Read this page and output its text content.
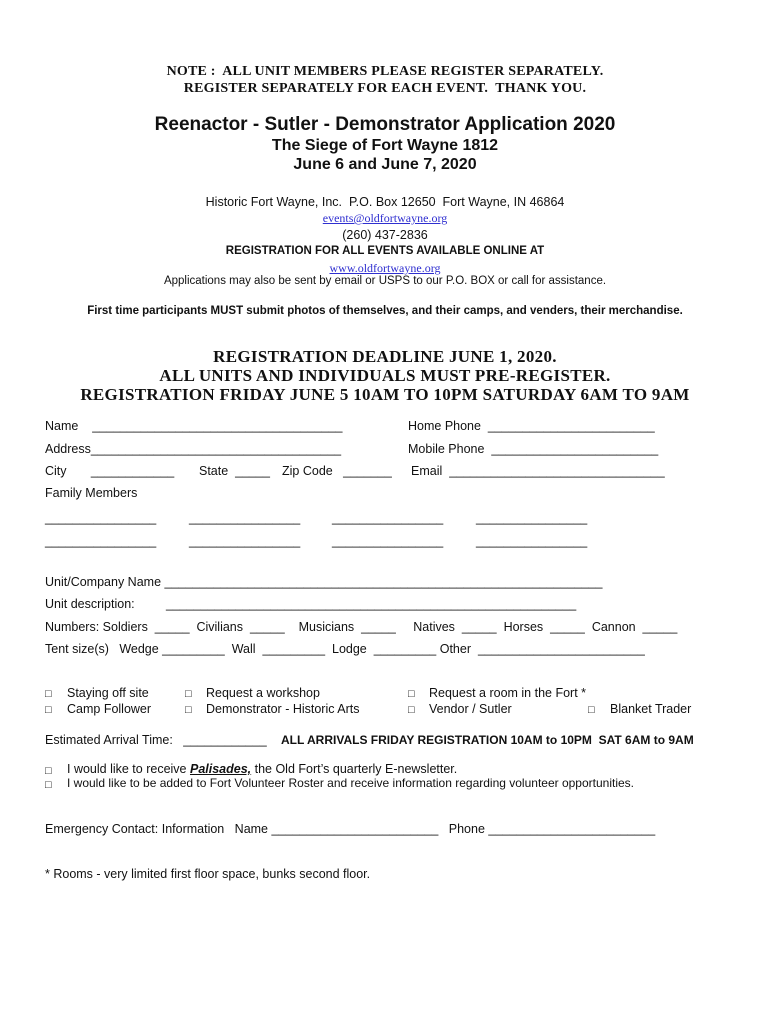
NOTE :  ALL UNIT MEMBERS PLEASE REGISTER SEPARATELY.
REGISTER SEPARATELY FOR EACH EVENT.  THANK YOU.
Reenactor - Sutler - Demonstrator Application 2020
The Siege of Fort Wayne 1812
June 6 and June 7, 2020
Historic Fort Wayne, Inc.  P.O. Box 12650  Fort Wayne, IN 46864
events@oldfortwayne.org
(260) 437-2836
REGISTRATION FOR ALL EVENTS AVAILABLE ONLINE AT
www.oldfortwayne.org
Applications may also be sent by email or USPS to our P.O. BOX or call for assistance.
First time participants MUST submit photos of themselves, and their camps, and venders, their merchandise.
REGISTRATION DEADLINE JUNE 1, 2020.
ALL UNITS AND INDIVIDUALS MUST PRE-REGISTER.
REGISTRATION FRIDAY JUNE 5 10AM TO 10PM SATURDAY 6AM TO 9AM
Name    ____________________________________	Home Phone  ________________________
Address____________________________________	Mobile Phone  ________________________
City       ____________ State  _____ Zip Code   _______ Email  _______________________________
Family Members
________________	________________	________________	________________
________________	________________	________________	________________
Unit/Company Name _______________________________________________________________
Unit description:	___________________________________________________________
Numbers: Soldiers  _____  Civilians  _____    Musicians  _____     Natives  _____  Horses  _____  Cannon  _____
Tent size(s)   Wedge _________  Wall  _________  Lodge  _________ Other  ________________________
□ Staying off site	□ Request a workshop	□ Request a room in the Fort *
□ Camp Follower	□ Demonstrator - Historic Arts	□ Vendor / Sutler	□ Blanket Trader
Estimated Arrival Time:   ____________ ALL ARRIVALS FRIDAY REGISTRATION 10AM to 10PM  SAT 6AM to 9AM
□ I would like to receive Palisades, the Old Fort’s quarterly E-newsletter.
□ I would like to be added to Fort Volunteer Roster and receive information regarding volunteer opportunities.
Emergency Contact: Information   Name ________________________   Phone ________________________
* Rooms - very limited first floor space, bunks second floor.
